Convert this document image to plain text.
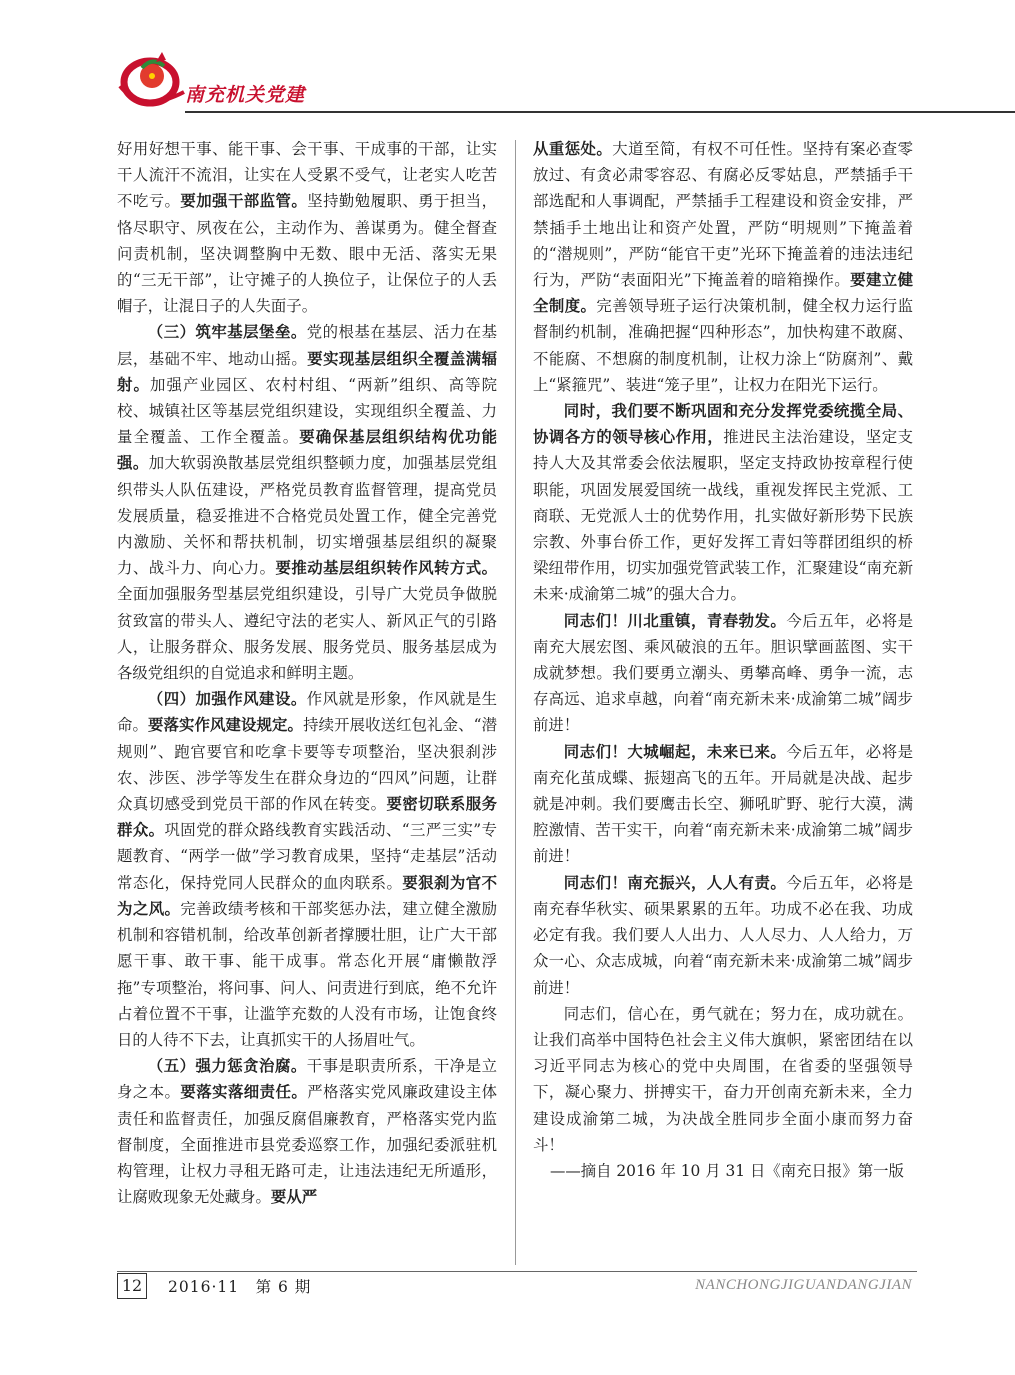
南充机关党建

好用好想干事、能干事、会干事、干成事的干部，让实干人流汗不流泪，让实在人受累不受气，让老实人吃苦不吃亏。要加强干部监管。坚持勤勉履职、勇于担当，恪尽职守、夙夜在公，主动作为、善谋勇为。健全督查问责机制，坚决调整胸中无数、眼中无活、落实无果的“三无干部”，让守摊子的人换位子，让保位子的人丢帽子，让混日子的人失面子。

（三）筑牢基层堡垒。党的根基在基层、活力在基层，基础不牢、地动山摇。要实现基层组织全覆盖满辐射。加强产业园区、农村村组、“两新”组织、高等院校、城镇社区等基层党组织建设，实现组织全覆盖、力量全覆盖、工作全覆盖。要确保基层组织结构优功能强。加大软弱涣散基层党组织整顿力度，加强基层党组织带头人队伍建设，严格党员教育监督管理，提高党员发展质量，稳妥推进不合格党员处置工作，健全完善党内激励、关怀和帮扶机制，切实增强基层组织的凝聚力、战斗力、向心力。要推动基层组织转作风转方式。全面加强服务型基层党组织建设，引导广大党员争做脱贫致富的带头人、遵纪守法的老实人、新风正气的引路人，让服务群众、服务发展、服务党员、服务基层成为各级党组织的自觉追求和鲜明主题。

（四）加强作风建设。作风就是形象，作风就是生命。要落实作风建设规定。持续开展收送红包礼金、“潜规则”、跑官要官和吃拿卡要等专项整治，坚决狠刹涉农、涉医、涉学等发生在群众身边的“四风”问题，让群众真切感受到党员干部的作风在转变。要密切联系服务群众。巩固党的群众路线教育实践活动、“三严三实”专题教育、“两学一做”学习教育成果，坚持“走基层”活动常态化，保持党同人民群众的血肉联系。要狠刹为官不为之风。完善政绩考核和干部奖惩办法，建立健全激励机制和容错机制，给改革创新者撑腰壮胆，让广大干部愿干事、敢干事、能干成事。常态化开展“庸懒散浮拖”专项整治，将问事、问人、问责进行到底，绝不允许占着位置不干事，让滥竽充数的人没有市场，让饱食终日的人待不下去，让真抓实干的人扬眉吐气。

（五）强力惩贪治腐。干事是职责所系，干净是立身之本。要落实落细责任。严格落实党风廉政建设主体责任和监督责任，加强反腐倡廉教育，严格落实党内监督制度，全面推进市县党委巡察工作，加强纪委派驻机构管理，让权力寻租无路可走，让违法违纪无所遁形，让腐败现象无处藏身。要从严

从重惩处。大道至简，有权不可任性。坚持有案必查零放过、有贪必肃零容忍、有腐必反零姑息，严禁插手干部选配和人事调配，严禁插手工程建设和资金安排，严禁插手土地出让和资产处置，严防“明规则”下掩盖着的“潜规则”，严防“能官干吏”光环下掩盖着的违法违纪行为，严防“表面阳光”下掩盖着的暗箱操作。要建立健全制度。完善领导班子运行决策机制，健全权力运行监督制约机制，准确把握“四种形态”，加快构建不敢腐、不能腐、不想腐的制度机制，让权力涂上“防腐剂”、戴上“紧箍咒”、装进“笼子里”，让权力在阳光下运行。

同时，我们要不断巩固和充分发挥党委统揽全局、协调各方的领导核心作用，推进民主法治建设，坚定支持人大及其常委会依法履职，坚定支持政协按章程行使职能，巩固发展爱国统一战线，重视发挥民主党派、工商联、无党派人士的优势作用，扎实做好新形势下民族宗教、外事台侨工作，更好发挥工青妇等群团组织的桥梁纽带作用，切实加强党管武装工作，汇聚建设“南充新未来·成渝第二城”的强大合力。

同志们！川北重镇，青春勃发。今后五年，必将是南充大展宏图、乘风破浪的五年。胆识擘画蓝图、实干成就梦想。我们要勇立潮头、勇攀高峰、勇争一流，志存高远、追求卓越，向着“南充新未来·成渝第二城”阔步前进！

同志们！大城崛起，未来已来。今后五年，必将是南充化茧成蝶、振翅高飞的五年。开局就是决战、起步就是冲刺。我们要鹰击长空、狮吼旷野、驼行大漠，满腔激情、苦干实干，向着“南充新未来·成渝第二城”阔步前进！

同志们！南充振兴，人人有责。今后五年，必将是南充春华秋实、硕果累累的五年。功成不必在我、功成必定有我。我们要人人出力、人人尽力、人人给力，万众一心、众志成城，向着“南充新未来·成渝第二城”阔步前进！

同志们，信心在，勇气就在；努力在，成功就在。让我们高举中国特色社会主义伟大旗帜，紧密团结在以习近平同志为核心的党中央周围，在省委的坚强领导下，凝心聚力、拼搏实干，奋力开创南充新未来，全力建设成渝第二城，为决战全胜同步全面小康而努力奋斗！

——摘自 2016 年 10 月 31 日《南充日报》第一版

12	2016·11　第 6 期	NANCHONGJIGUANDANGJIAN
